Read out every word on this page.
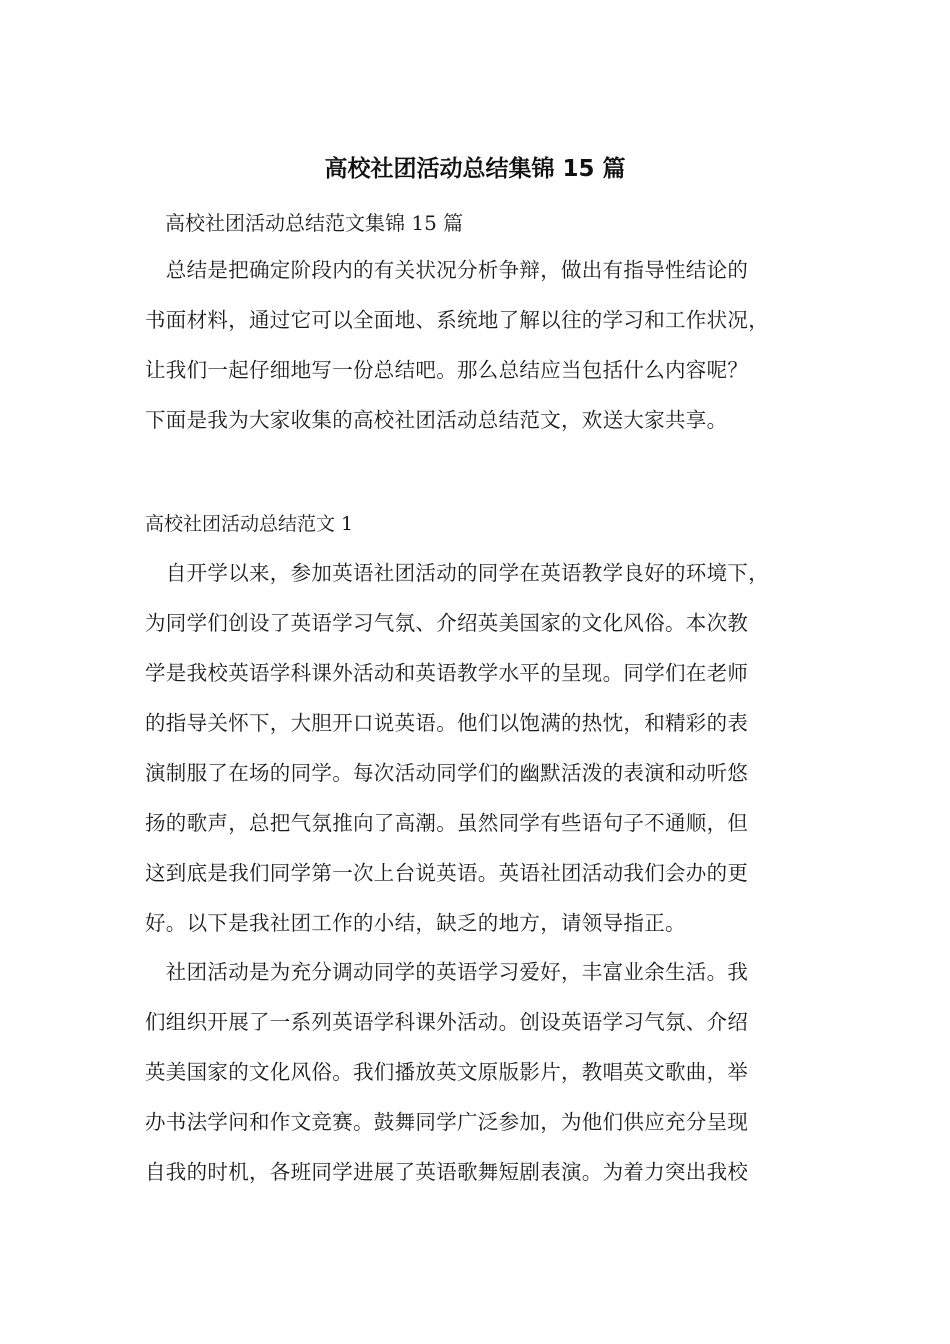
高校社团活动总结集锦 15 篇

高校社团活动总结范文集锦 15 篇

　总结是把确定阶段内的有关状况分析争辩，做出有指导性结论的
书面材料，通过它可以全面地、系统地了解以往的学习和工作状况，
让我们一起仔细地写一份总结吧。那么总结应当包括什么内容呢？
下面是我为大家收集的高校社团活动总结范文，欢送大家共享。

高校社团活动总结范文 1

　自开学以来，参加英语社团活动的同学在英语教学良好的环境下，
为同学们创设了英语学习气氛、介绍英美国家的文化风俗。本次教
学是我校英语学科课外活动和英语教学水平的呈现。同学们在老师
的指导关怀下，大胆开口说英语。他们以饱满的热忱，和精彩的表
演制服了在场的同学。每次活动同学们的幽默活泼的表演和动听悠
扬的歌声，总把气氛推向了高潮。虽然同学有些语句子不通顺，但
这到底是我们同学第一次上台说英语。英语社团活动我们会办的更
好。以下是我社团工作的小结，缺乏的地方，请领导指正。
　社团活动是为充分调动同学的英语学习爱好，丰富业余生活。我
们组织开展了一系列英语学科课外活动。创设英语学习气氛、介绍
英美国家的文化风俗。我们播放英文原版影片，教唱英文歌曲，举
办书法学问和作文竞赛。鼓舞同学广泛参加，为他们供应充分呈现
自我的时机，各班同学进展了英语歌舞短剧表演。为着力突出我校
